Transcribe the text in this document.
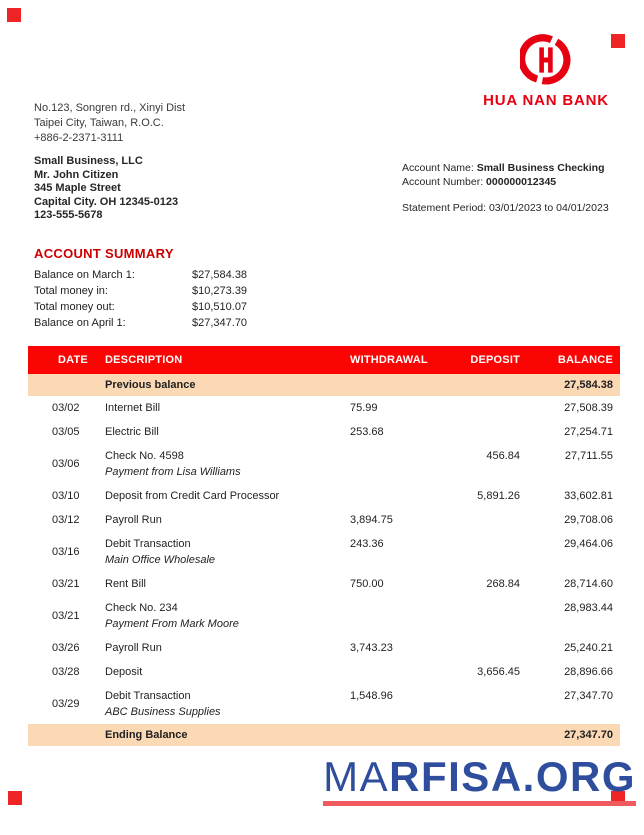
HUA NAN BANK
No.123, Songren rd., Xinyi Dist
Taipei City, Taiwan, R.O.C.
+886-2-2371-3111
Small Business, LLC
Mr. John Citizen
345 Maple Street
Capital City. OH 12345-0123
123-555-5678
Account Name: Small Business Checking
Account Number: 000000012345
Statement Period: 03/01/2023 to 04/01/2023
ACCOUNT SUMMARY
Balance on March 1:	$27,584.38
Total money in:	$10,273.39
Total money out:	$10,510.07
Balance on April 1:	$27,347.70
DATE	DESCRIPTION	WITHDRAWAL	DEPOSIT	BALANCE
	Previous balance			27,584.38
03/02	Internet Bill	75.99		27,508.39
03/05	Electric Bill	253.68		27,254.71
03/06	Check No. 4598
Payment from Lisa Williams		456.84	27,711.55
03/10	Deposit from Credit Card Processor		5,891.26	33,602.81
03/12	Payroll Run	3,894.75		29,708.06
03/16	Debit Transaction
Main Office Wholesale	243.36		29,464.06
03/21	Rent Bill	750.00	268.84	28,714.60
03/21	Check No. 234
Payment From Mark Moore			28,983.44
03/26	Payroll Run	3,743.23		25,240.21
03/28	Deposit		3,656.45	28,896.66
03/29	Debit Transaction
ABC Business Supplies	1,548.96		27,347.70
	Ending Balance			27,347.70
MARFISA.ORG
